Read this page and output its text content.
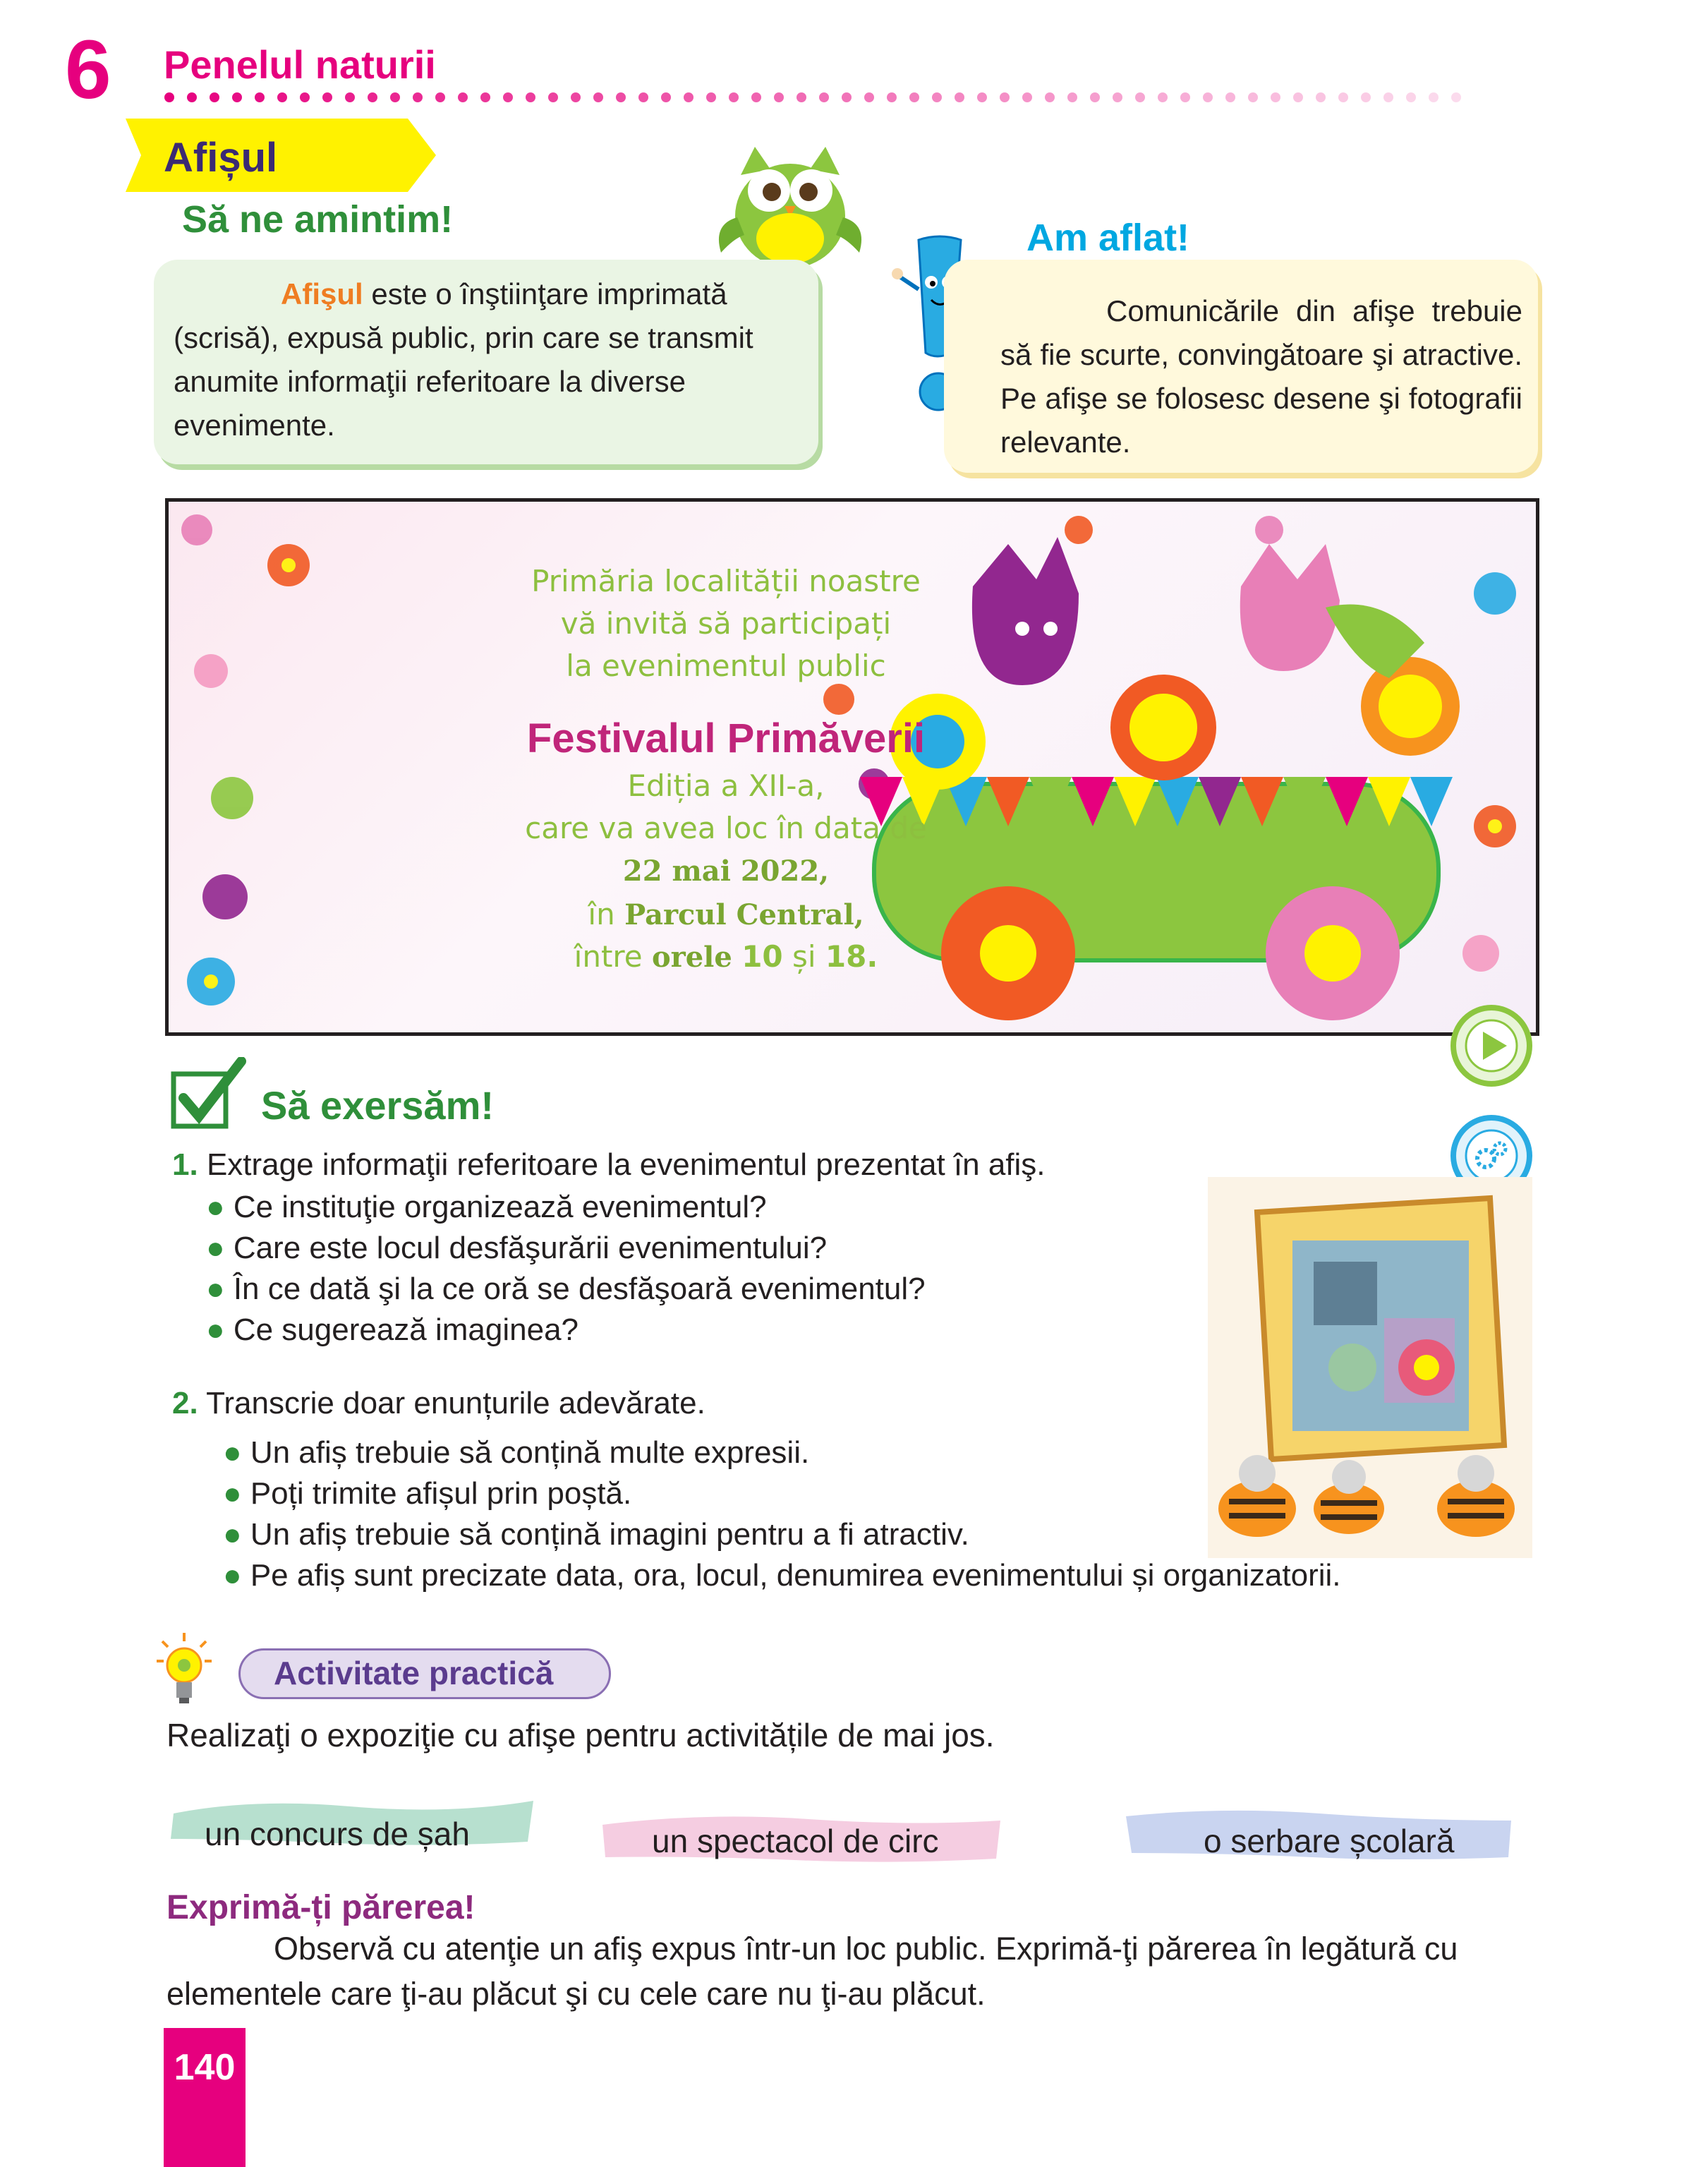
6 Penelul naturii
Afișul
Să ne amintim!
Afişul este o înştiinţare imprimată (scrisă), expusă public, prin care se transmit anumite informaţii referitoare la diverse evenimente.
Am aflat!
Comunicările din afişe trebuie să fie scurte, convingătoare şi atractive. Pe afişe se folosesc desene şi fotografii relevante.
Primăria localității noastre
vă invită să participați
la evenimentul public
Festivalul Primăverii
Ediția a XII-a,
care va avea loc în data de
22 mai 2022,
în Parcul Central,
între orele 10 și 18.
Să exersăm!
1. Extrage informaţii referitoare la evenimentul prezentat în afiş.
● Ce instituţie organizează evenimentul?
● Care este locul desfăşurării evenimentului?
● În ce dată şi la ce oră se desfăşoară evenimentul?
● Ce sugerează imaginea?
2. Transcrie doar enunțurile adevărate.
● Un afiș trebuie să conțină multe expresii.
● Poți trimite afișul prin poștă.
● Un afiș trebuie să conțină imagini pentru a fi atractiv.
● Pe afiș sunt precizate data, ora, locul, denumirea evenimentului și organizatorii.
Activitate practică
Realizaţi o expoziţie cu afişe pentru activitățile de mai jos.
un concurs de șah	un spectacol de circ	o serbare școlară
Exprimă-ți părerea!
Observă cu atenţie un afiş expus într-un loc public. Exprimă-ţi părerea în legătură cu elementele care ţi-au plăcut şi cu cele care nu ţi-au plăcut.
140
